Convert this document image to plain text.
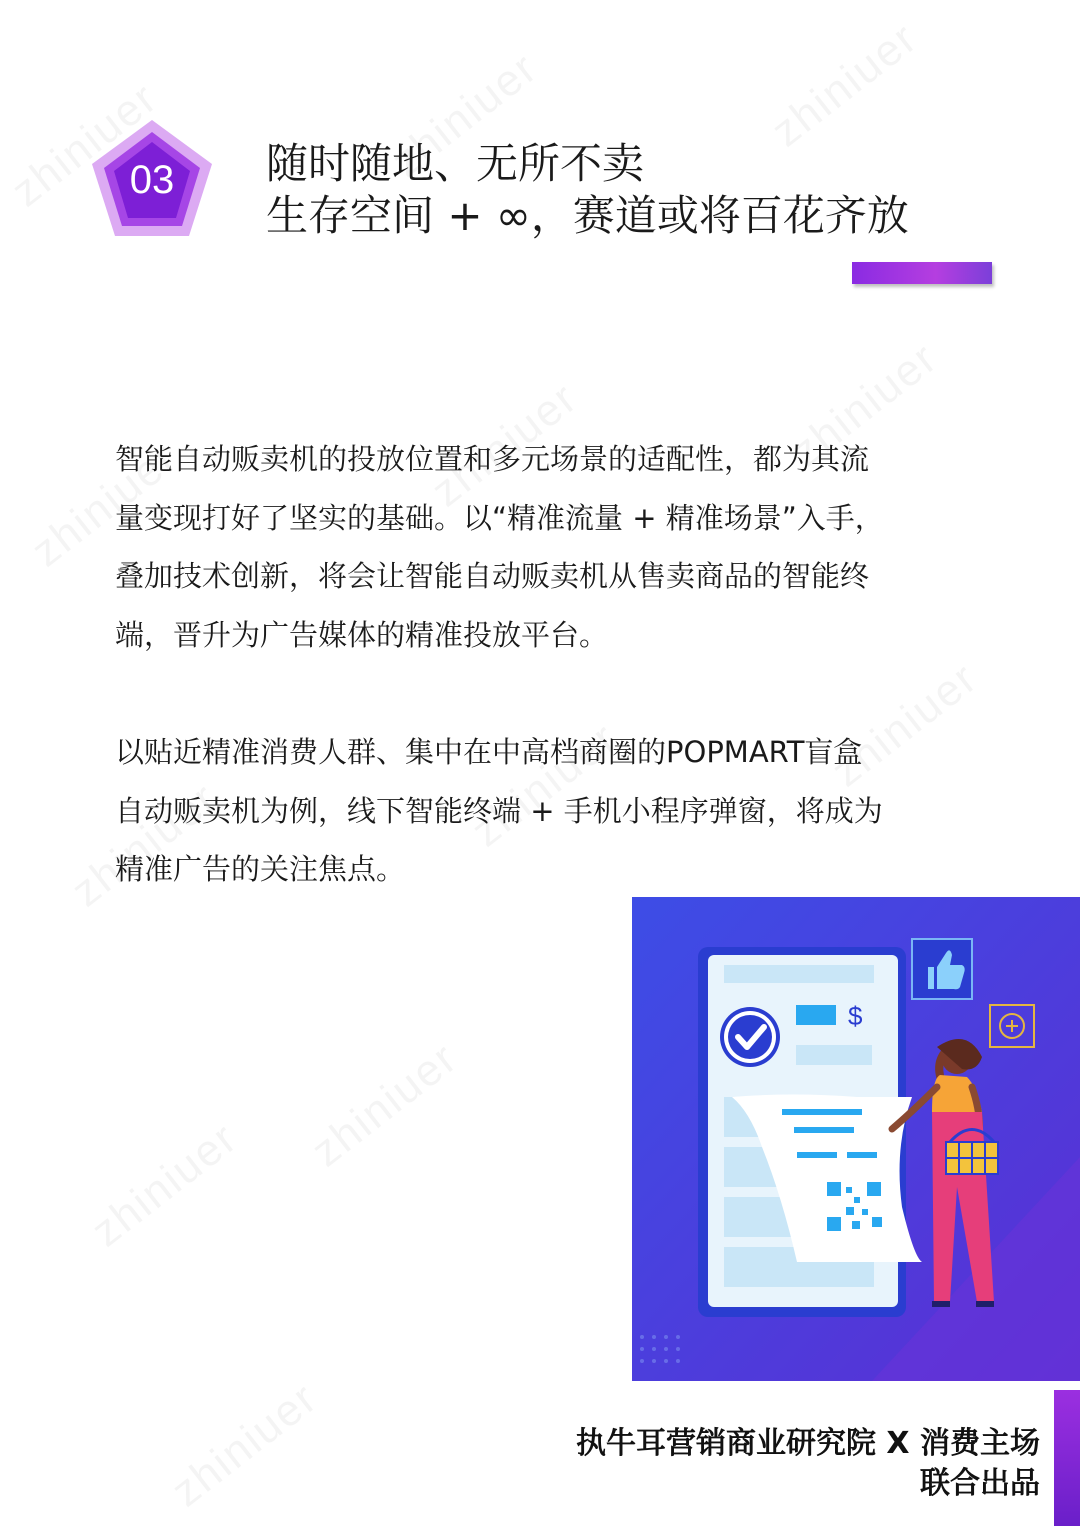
03	随时随地、无所不卖
生存空间 + ∞，赛道或将百花齐放
智能自动贩卖机的投放位置和多元场景的适配性，都为其流
量变现打好了坚实的基础。以“精准流量 + 精准场景”入手，
叠加技术创新，将会让智能自动贩卖机从售卖商品的智能终
端，晋升为广告媒体的精准投放平台。
以贴近精准消费人群、集中在中高档商圈的POPMART盲盒
自动贩卖机为例，线下智能终端 + 手机小程序弹窗，将成为
精准广告的关注焦点。
$
执牛耳营销商业研究院 X 消费主场
联合出品
